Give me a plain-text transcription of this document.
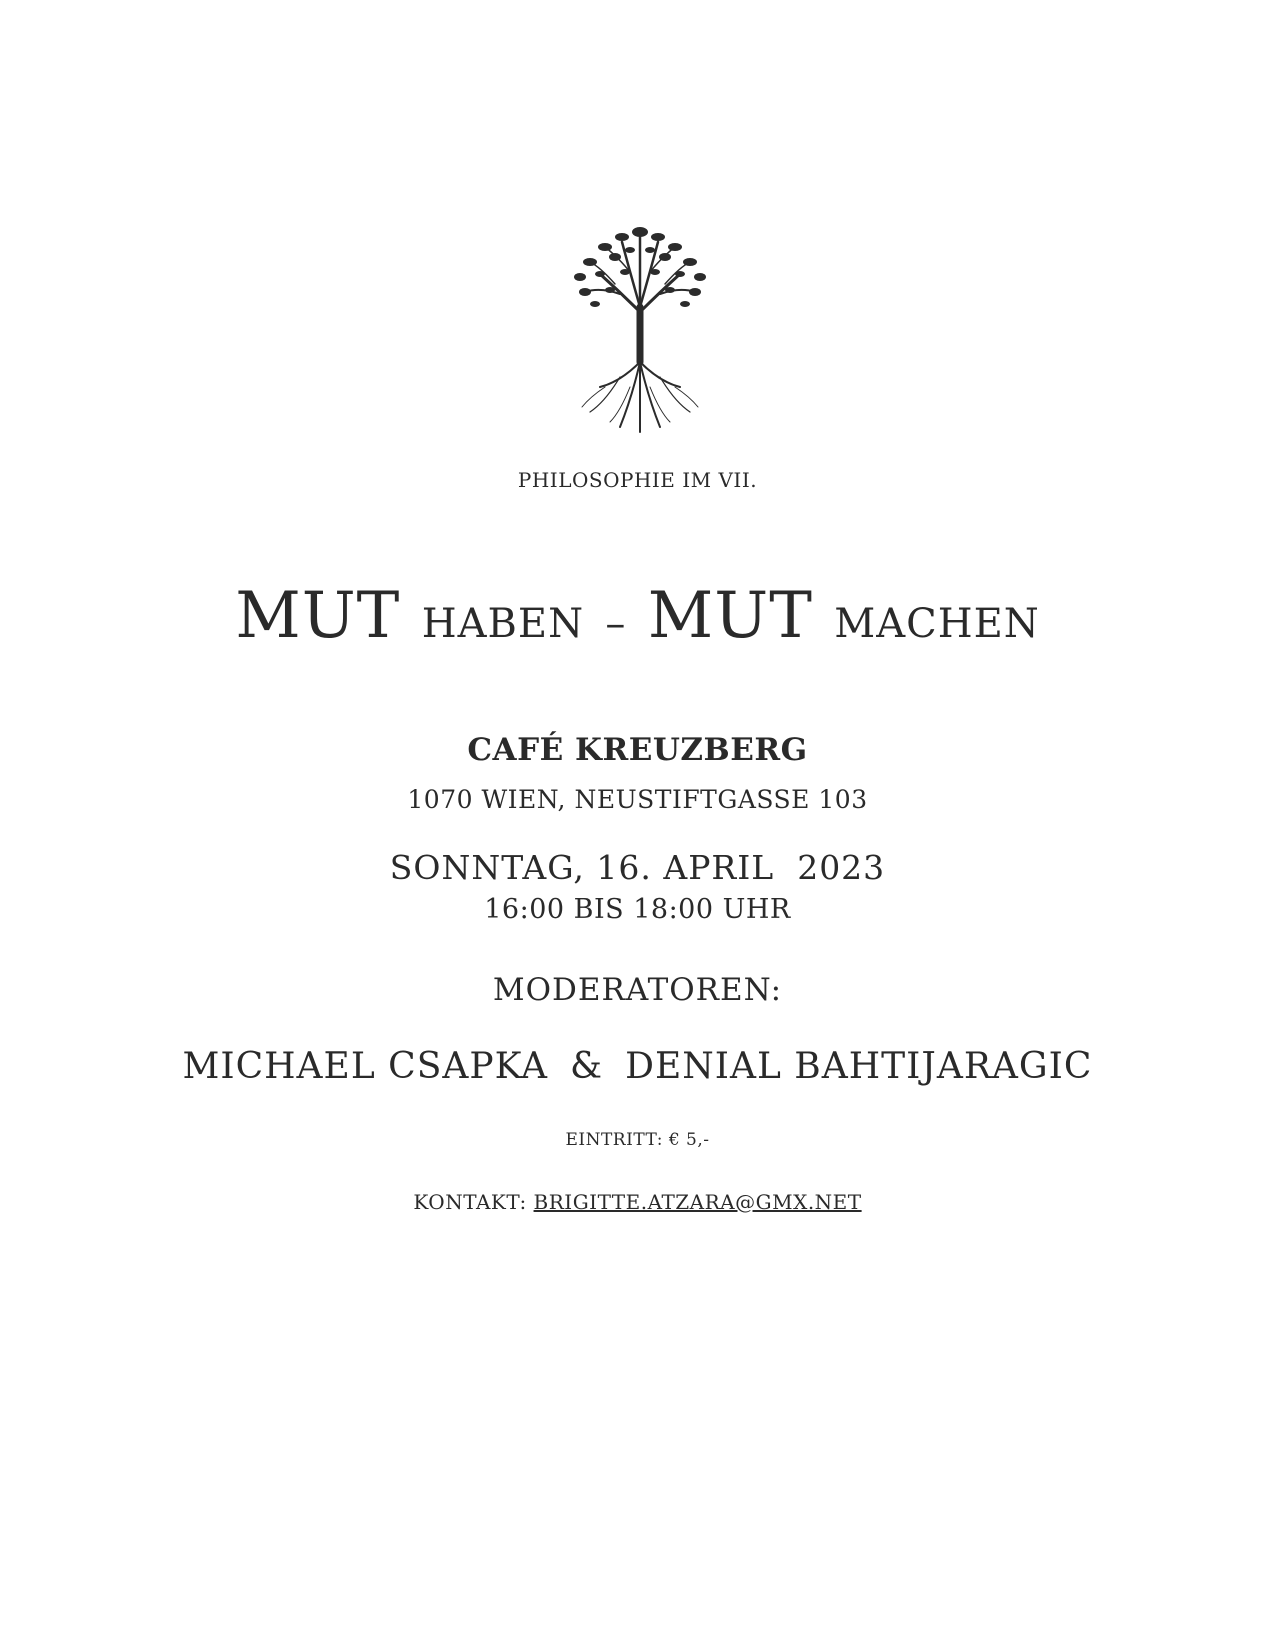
PHILOSOPHIE IM VII.
MUT HABEN – MUT MACHEN
CAFÉ KREUZBERG
1070 WIEN, NEUSTIFTGASSE 103
SONNTAG, 16. APRIL  2023
16:00 BIS 18:00 UHR
MODERATOREN:
MICHAEL CSAPKA & DENIAL BAHTIJARAGIC
EINTRITT: € 5,-
KONTAKT: BRIGITTE.ATZARA@GMX.NET
